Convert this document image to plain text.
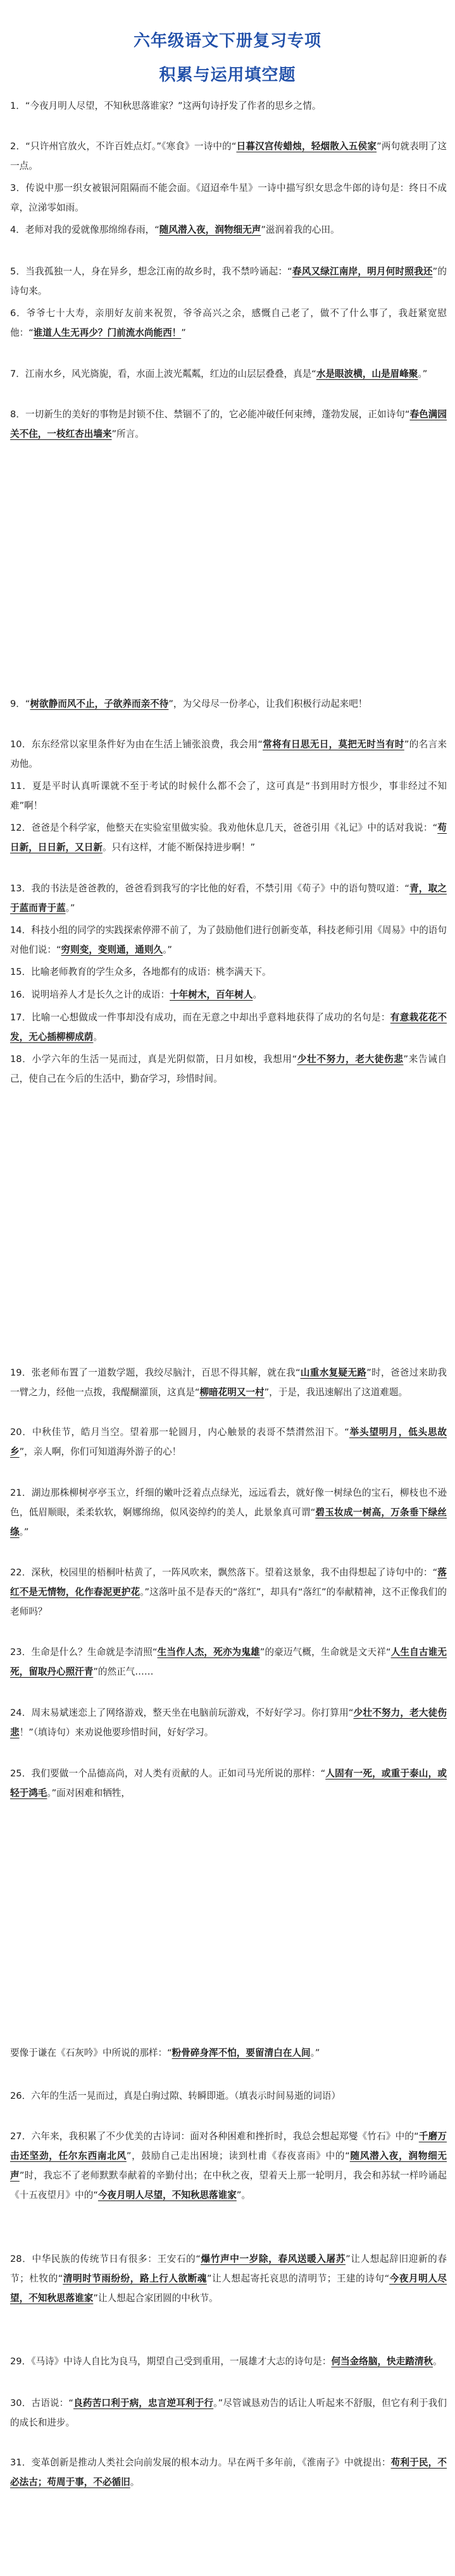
六年级语文下册复习专项
积累与运用填空题

1．“今夜月明人尽望，不知秋思落谁家？”这两句诗抒发了作者的思乡之情。

2．“只许州官放火，不许百姓点灯。”《寒食》一诗中的“日暮汉宫传蜡烛，轻烟散入五侯家”两句就表明了这一点。

3．传说中那一织女被银河阻隔而不能会面。《迢迢牵牛星》一诗中描写织女思念牛郎的诗句是：终日不成章，泣涕零如雨。

4．老师对我的爱就像那绵绵春雨，“随风潜入夜，润物细无声”滋润着我的心田。

5．当我孤独一人，身在异乡，想念江南的故乡时，我不禁吟诵起：“春风又绿江南岸，明月何时照我还”的诗句来。

6．爷爷七十大寿，亲朋好友前来祝贺，爷爷高兴之余，感慨自己老了，做不了什么事了，我赶紧宽慰他：“谁道人生无再少？门前流水尚能西！”

7．江南水乡，风光旖旎，看，水面上波光粼粼，红边的山层层叠叠，真是“水是眼波横，山是眉峰聚。”

8．一切新生的美好的事物是封锁不住、禁锢不了的，它必能冲破任何束缚，蓬勃发展，正如诗句“春色满园关不住，一枝红杏出墙来”所言。

9．“树欲静而风不止，子欲养而亲不待”，为父母尽一份孝心，让我们积极行动起来吧！

10．东东经常以家里条件好为由在生活上铺张浪费，我会用“常将有日思无日，莫把无时当有时”的名言来劝他。

11．夏是平时认真听课就不至于考试的时候什么都不会了，这可真是“书到用时方恨少，事非经过不知难”啊！

12．爸爸是个科学家，他整天在实验室里做实验。我劝他休息几天，爸爸引用《礼记》中的话对我说：“苟日新，日日新，又日新。只有这样，才能不断保持进步啊！”

13．我的书法是爸爸教的，爸爸看到我写的字比他的好看，不禁引用《荀子》中的语句赞叹道：“青，取之于蓝而青于蓝。”

14．科技小组的同学的实践探索停滞不前了，为了鼓励他们进行创新变革，科技老师引用《周易》中的语句对他们说：“穷则变，变则通，通则久。”

15．比喻老师教育的学生众多，各地都有的成语：桃李满天下。

16．说明培养人才是长久之计的成语：十年树木，百年树人。

17．比喻一心想做成一件事却没有成功，而在无意之中却出乎意料地获得了成功的名句是：有意栽花花不发，无心插柳柳成荫。

18．小学六年的生活一晃而过，真是光阴似箭，日月如梭，我想用“少壮不努力，老大徒伤悲”来告诫自己，使自己在今后的生活中，勤奋学习，珍惜时间。

19．张老师布置了一道数学题，我绞尽脑汁，百思不得其解，就在我“山重水复疑无路”时，爸爸过来助我一臂之力，经他一点拨，我醍醐灌顶，这真是“柳暗花明又一村”，于是，我迅速解出了这道难题。

20．中秋佳节，皓月当空。望着那一轮圆月，内心触景的表哥不禁潸然泪下。“举头望明月，低头思故乡”，亲人啊，你们可知道海外游子的心！

21．湖边那株柳树亭亭玉立，纤细的嫩叶泛着点点绿光，远远看去，就好像一树绿色的宝石，柳枝也不逊色，低眉顺眼，柔柔软软，婀娜绵绵，似风姿绰约的美人，此景象真可谓“碧玉妆成一树高，万条垂下绿丝绦。”

22．深秋，校园里的梧桐叶枯黄了，一阵风吹来，飘然落下。望着这景象，我不由得想起了诗句中的：“落红不是无情物，化作春泥更护花。”这落叶虽不是春天的“落红”，却具有“落红”的奉献精神，这不正像我们的老师吗？

23．生命是什么？生命就是李清照“生当作人杰，死亦为鬼雄”的豪迈气概，生命就是文天祥“人生自古谁无死，留取丹心照汗青”的然正气……

24．周末易斌迷恋上了网络游戏，整天坐在电脑前玩游戏，不好好学习。你打算用“少壮不努力，老大徒伤悲！”（填诗句）来劝说他要珍惜时间，好好学习。

25．我们要做一个品德高尚，对人类有贡献的人。正如司马光所说的那样：“人固有一死，或重于泰山，或轻于鸿毛。”面对困难和牺牲，

要像于谦在《石灰吟》中所说的那样：“粉骨碎身浑不怕，要留清白在人间。”

26．六年的生活一晃而过，真是白驹过隙、转瞬即逝。（填表示时间易逝的词语）

27．六年来，我积累了不少优美的古诗词：面对各种困难和挫折时，我总会想起郑燮《竹石》中的“千磨万击还坚劲，任尔东西南北风”，鼓励自己走出困境；读到杜甫《春夜喜雨》中的“随风潜入夜，润物细无声”时，我忘不了老师默默奉献着的辛勤付出；在中秋之夜，望着天上那一轮明月，我会和苏轼一样吟诵起《十五夜望月》中的“今夜月明人尽望，不知秋思落谁家”。

28．中华民族的传统节日有很多：王安石的“爆竹声中一岁除，春风送暖入屠苏”让人想起辞旧迎新的春节；杜牧的“清明时节雨纷纷，路上行人欲断魂”让人想起寄托哀思的清明节；王建的诗句“今夜月明人尽望，不知秋思落谁家”让人想起合家团圆的中秋节。

29．《马诗》中诗人自比为良马，期望自己受到重用，一展雄才大志的诗句是：何当金络脑，快走踏清秋。

30．古语说：“良药苦口利于病，忠言逆耳利于行。”尽管诚恳劝告的话让人听起来不舒服，但它有利于我们的成长和进步。

31．变革创新是推动人类社会向前发展的根本动力。早在两千多年前，《淮南子》中就提出：苟利于民，不必法古；苟周于事，不必循旧。
